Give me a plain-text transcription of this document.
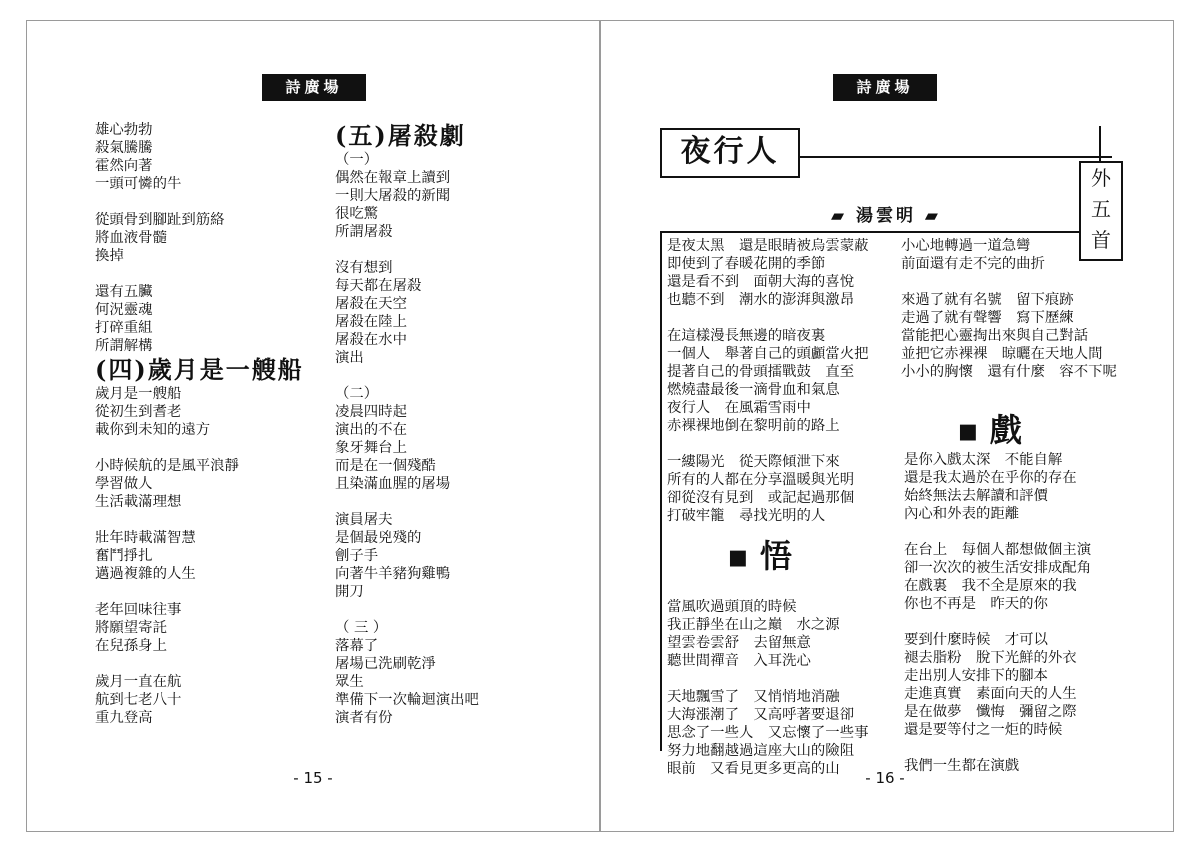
詩廣場
雄心勃勃
殺氣騰騰
霍然向著
一頭可憐的牛
從頭骨到腳趾到筋絡
將血液骨髓
換掉
還有五臟
何況靈魂
打碎重組
所謂解構
(四)歲月是一艘船
歲月是一艘船
從初生到耆老
載你到未知的遠方
小時候航的是風平浪靜
學習做人
生活載滿理想
壯年時載滿智慧
奮鬥掙扎
邁過複雜的人生
老年回味往事
將願望寄託
在兒孫身上
歲月一直在航
航到七老八十
重九登高
(五)屠殺劇
（一）
偶然在報章上讀到
一則大屠殺的新聞
很吃驚
所謂屠殺
沒有想到
每天都在屠殺
屠殺在天空
屠殺在陸上
屠殺在水中
演出
（二）
凌晨四時起
演出的不在
象牙舞台上
而是在一個殘酷
且染滿血腥的屠場
演員屠夫
是個最兇殘的
劊子手
向著牛羊豬狗雞鴨
開刀
（ 三 ）
落幕了
屠場已洗刷乾淨
眾生
準備下一次輪迴演出吧
演者有份
- 15 -
詩廣場
夜行人
▰ 湯雲明 ▰
外
五
首
是夜太黑　還是眼睛被烏雲蒙蔽
即使到了春暖花開的季節
還是看不到　面朝大海的喜悅
也聽不到　潮水的澎湃與激昂
在這樣漫長無邊的暗夜裏
一個人　舉著自己的頭顱當火把
提著自己的骨頭擂戰鼓　直至
燃燒盡最後一滴骨血和氣息
夜行人　在風霜雪雨中
赤裸裸地倒在黎明前的路上
一縷陽光　從天際傾泄下來
所有的人都在分享溫暖與光明
卻從沒有見到　或記起過那個
打破牢籠　尋找光明的人
▪ 悟
當風吹過頭頂的時候
我正靜坐在山之巔　水之源
望雲卷雲舒　去留無意
聽世間禪音　入耳洗心
天地飄雪了　又悄悄地消融
大海漲潮了　又高呼著要退卻
思念了一些人　又忘懷了一些事
努力地翻越過這座大山的險阻
眼前　又看見更多更高的山
小心地轉過一道急彎
前面還有走不完的曲折
來過了就有名號　留下痕跡
走過了就有聲響　寫下歷練
當能把心靈掏出來與自己對話
並把它赤裸裸　晾曬在天地人間
小小的胸懷　還有什麼　容不下呢
▪ 戲
是你入戲太深　不能自解
還是我太過於在乎你的存在
始終無法去解讀和評價
內心和外表的距離
在台上　每個人都想做個主演
卻一次次的被生活安排成配角
在戲裏　我不全是原來的我
你也不再是　昨天的你
要到什麼時候　才可以
褪去脂粉　脫下光鮮的外衣
走出別人安排下的腳本
走進真實　素面向天的人生
是在做夢　懺悔　彌留之際
還是要等付之一炬的時候
我們一生都在演戲
- 16 -
